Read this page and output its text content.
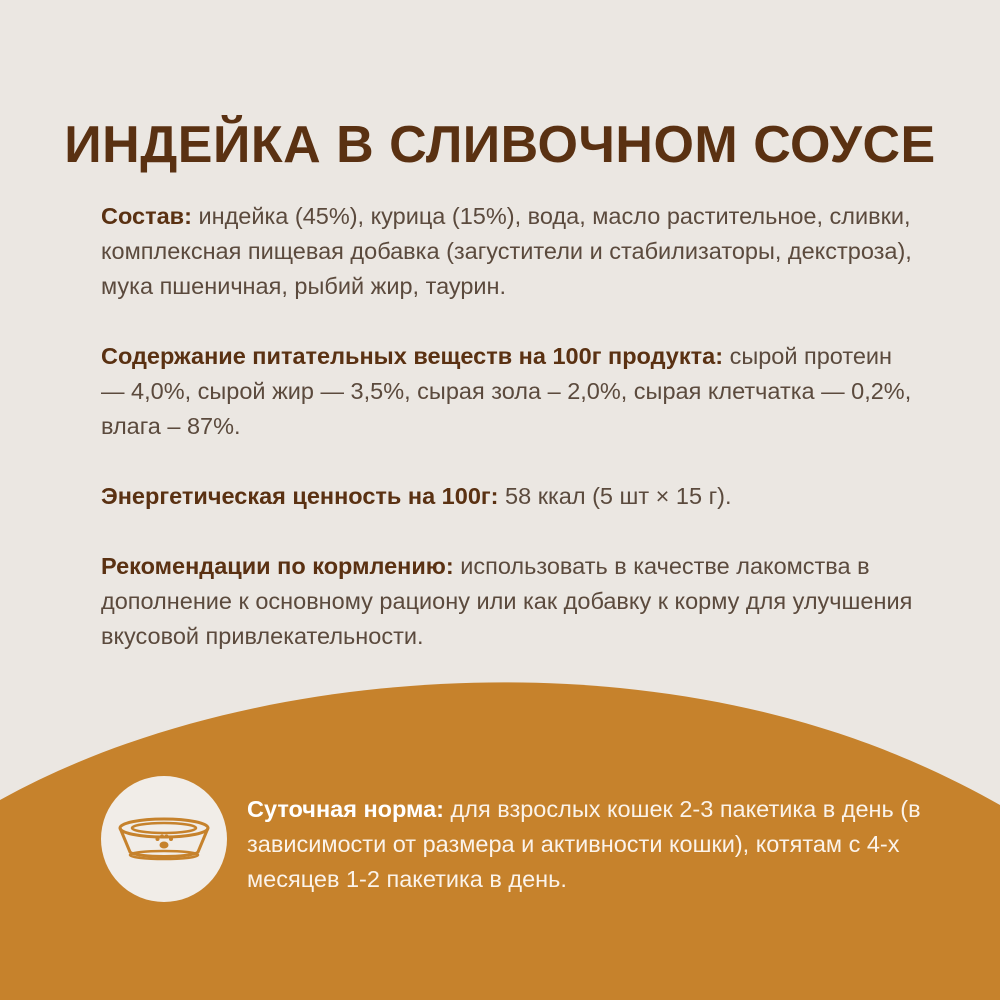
ИНДЕЙКА В СЛИВОЧНОМ СОУСЕ
Состав: индейка (45%), курица (15%), вода, масло растительное, сливки, комплексная пищевая добавка (загустители и стабилизаторы, декстроза), мука пшеничная, рыбий жир, таурин.
Содержание питательных веществ на 100г продукта: сырой протеин — 4,0%, сырой жир — 3,5%, сырая зола – 2,0%, сырая клетчатка — 0,2%, влага – 87%.
Энергетическая ценность на 100г: 58 ккал (5 шт × 15 г).
Рекомендации по кормлению: использовать в качестве лакомства в дополнение к основному рациону или как добавку к корму для улучшения вкусовой привлекательности.
Суточная норма: для взрослых кошек 2-3 пакетика в день (в зависимости от размера и активности кошки), котятам с 4-х месяцев 1-2 пакетика в день.
